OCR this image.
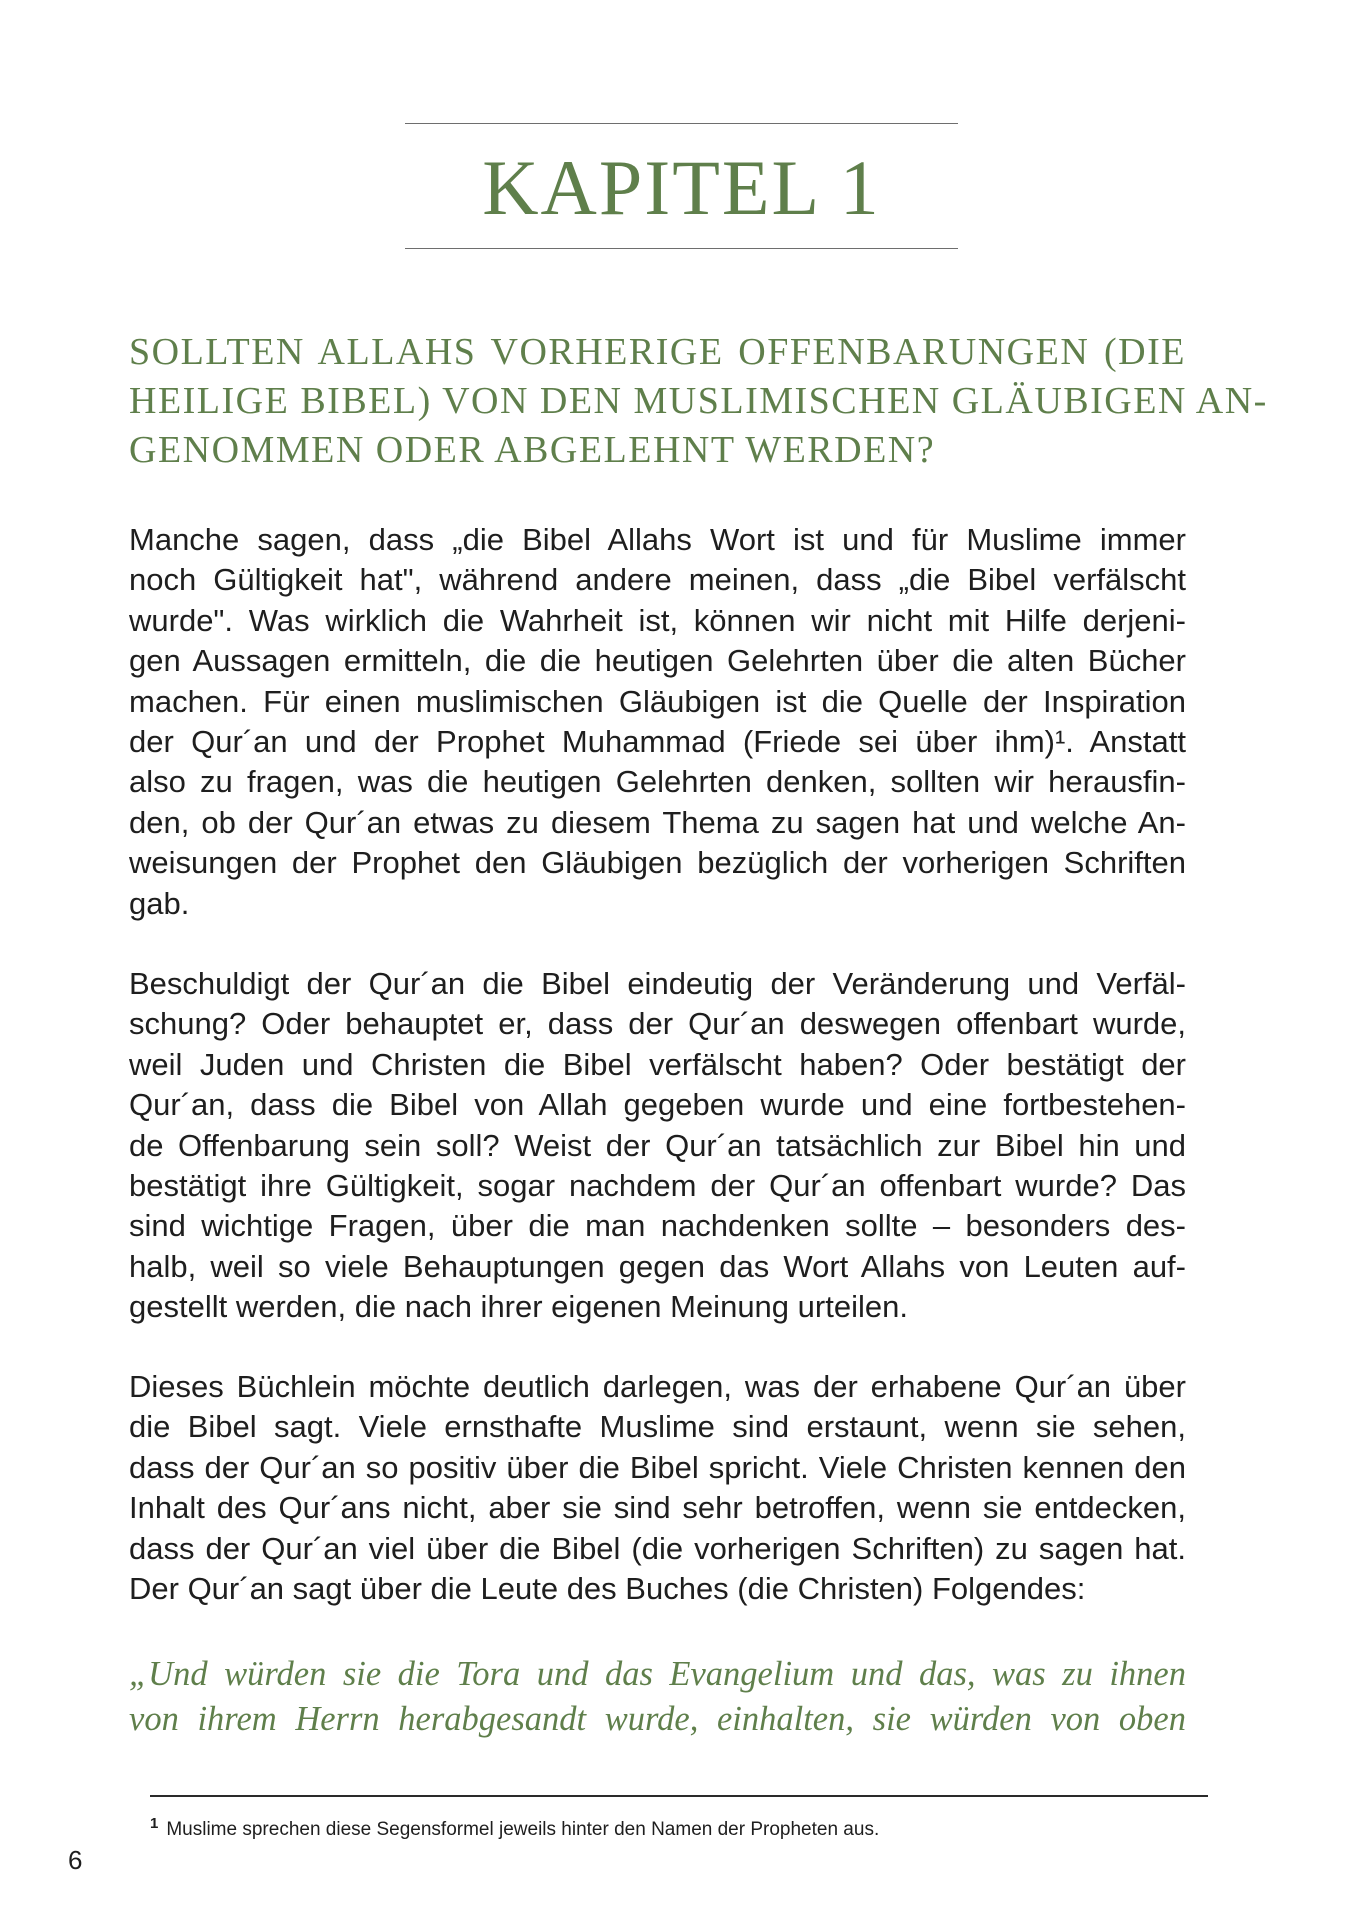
KAPITEL 1
SOLLTEN ALLAHS VORHERIGE OFFENBARUNGEN (DIE
HEILIGE BIBEL) VON DEN MUSLIMISCHEN GLÄUBIGEN AN-
GENOMMEN ODER ABGELEHNT WERDEN?
Manche sagen, dass „die Bibel Allahs Wort ist und für Muslime immer
noch Gültigkeit hat", während andere meinen, dass „die Bibel verfälscht
wurde". Was wirklich die Wahrheit ist, können wir nicht mit Hilfe derjeni-
gen Aussagen ermitteln, die die heutigen Gelehrten über die alten Bücher
machen. Für einen muslimischen Gläubigen ist die Quelle der Inspiration
der Qur´an und der Prophet Muhammad (Friede sei über ihm)¹. Anstatt
also zu fragen, was die heutigen Gelehrten denken, sollten wir herausfin-
den, ob der Qur´an etwas zu diesem Thema zu sagen hat und welche An-
weisungen der Prophet den Gläubigen bezüglich der vorherigen Schriften
gab.
Beschuldigt der Qur´an die Bibel eindeutig der Veränderung und Verfäl-
schung? Oder behauptet er, dass der Qur´an deswegen offenbart wurde,
weil Juden und Christen die Bibel verfälscht haben? Oder bestätigt der
Qur´an, dass die Bibel von Allah gegeben wurde und eine fortbestehen-
de Offenbarung sein soll? Weist der Qur´an tatsächlich zur Bibel hin und
bestätigt ihre Gültigkeit, sogar nachdem der Qur´an offenbart wurde? Das
sind wichtige Fragen, über die man nachdenken sollte – besonders des-
halb, weil so viele Behauptungen gegen das Wort Allahs von Leuten auf-
gestellt werden, die nach ihrer eigenen Meinung urteilen.
Dieses Büchlein möchte deutlich darlegen, was der erhabene Qur´an über
die Bibel sagt. Viele ernsthafte Muslime sind erstaunt, wenn sie sehen,
dass der Qur´an so positiv über die Bibel spricht. Viele Christen kennen den
Inhalt des Qur´ans nicht, aber sie sind sehr betroffen, wenn sie entdecken,
dass der Qur´an viel über die Bibel (die vorherigen Schriften) zu sagen hat.
Der Qur´an sagt über die Leute des Buches (die Christen) Folgendes:
„Und würden sie die Tora und das Evangelium und das, was zu ihnen
von ihrem Herrn herabgesandt wurde, einhalten, sie würden von oben
$^1$ Muslime sprechen diese Segensformel jeweils hinter den Namen der Propheten aus.
6
